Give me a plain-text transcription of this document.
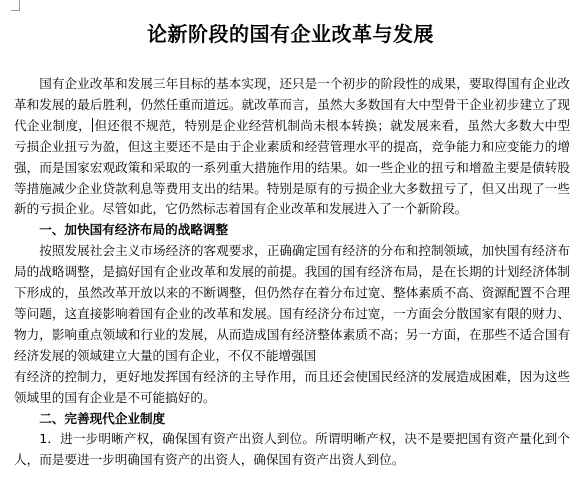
论新阶段的国有企业改革与发展

国有企业改革和发展三年目标的基本实现，还只是一个初步的阶段性的成果，要取得国有企业改革和发展的最后胜利，仍然任重而道远。就改革而言，虽然大多数国有大中型骨干企业初步建立了现代企业制度， 但还很不规范，特别是企业经营机制尚未根本转换；就发展来看，虽然大多数大中型亏损企业扭亏为盈，但这主要还不是由于企业素质和经营管理水平的提高，竞争能力和应变能力的增强，而是国家宏观政策和采取的一系列重大措施作用的结果。如一些企业的扭亏和增盈主要是债转股等措施减少企业贷款利息等费用支出的结果。特别是原有的亏损企业大多数扭亏了，但又出现了一些新的亏损企业。尽管如此，它仍然标志着国有企业改革和发展进入了一个新阶段。

一、加快国有经济布局的战略调整

按照发展社会主义市场经济的客观要求，正确确定国有经济的分布和控制领域，加快国有经济布局的战略调整，是搞好国有企业改革和发展的前提。我国的国有经济布局，是在长期的计划经济体制下形成的，虽然改革开放以来的不断调整，但仍然存在着分布过宽、整体素质不高、资源配置不合理等问题，这直接影响着国有企业的改革和发展。国有经济分布过宽，一方面会分散国家有限的财力、物力，影响重点领域和行业的发展，从而造成国有经济整体素质不高；另一方面，在那些不适合国有经济发展的领域建立大量的国有企业，不仅不能增强国

有经济的控制力，更好地发挥国有经济的主导作用，而且还会使国民经济的发展造成困难，因为这些领域里的国有企业是不可能搞好的。

二、完善现代企业制度

1．进一步明晰产权，确保国有资产出资人到位。所谓明晰产权，决不是要把国有资产量化到个人，而是要进一步明确国有资产的出资人，确保国有资产出资人到位。
